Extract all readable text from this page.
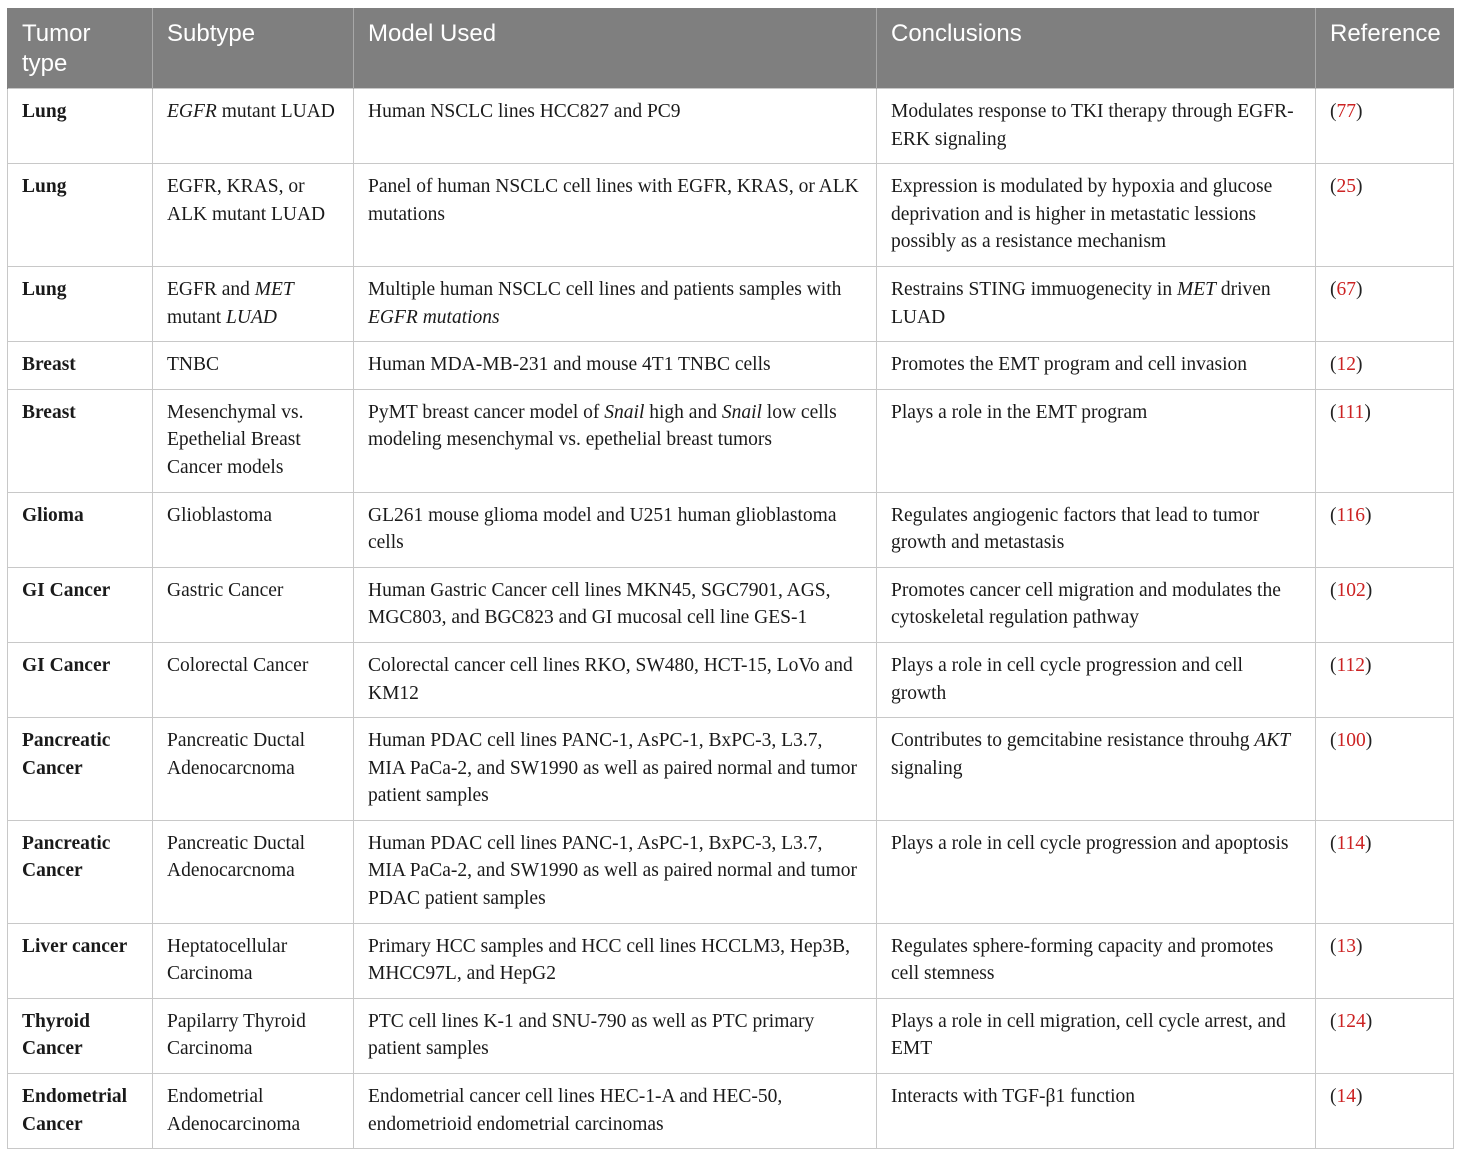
Tumor type	Subtype	Model Used	Conclusions	Reference
Lung	EGFR mutant LUAD	Human NSCLC lines HCC827 and PC9	Modulates response to TKI therapy through EGFR-ERK signaling	(77)
Lung	EGFR, KRAS, or ALK mutant LUAD	Panel of human NSCLC cell lines with EGFR, KRAS, or ALK mutations	Expression is modulated by hypoxia and glucose deprivation and is higher in metastatic lessions possibly as a resistance mechanism	(25)
Lung	EGFR and MET mutant LUAD	Multiple human NSCLC cell lines and patients samples with EGFR mutations	Restrains STING immuogenecity in MET driven LUAD	(67)
Breast	TNBC	Human MDA-MB-231 and mouse 4T1 TNBC cells	Promotes the EMT program and cell invasion	(12)
Breast	Mesenchymal vs. Epethelial Breast Cancer models	PyMT breast cancer model of Snail high and Snail low cells modeling mesenchymal vs. epethelial breast tumors	Plays a role in the EMT program	(111)
Glioma	Glioblastoma	GL261 mouse glioma model and U251 human glioblastoma cells	Regulates angiogenic factors that lead to tumor growth and metastasis	(116)
GI Cancer	Gastric Cancer	Human Gastric Cancer cell lines MKN45, SGC7901, AGS, MGC803, and BGC823 and GI mucosal cell line GES-1	Promotes cancer cell migration and modulates the cytoskeletal regulation pathway	(102)
GI Cancer	Colorectal Cancer	Colorectal cancer cell lines RKO, SW480, HCT-15, LoVo and KM12	Plays a role in cell cycle progression and cell growth	(112)
Pancreatic Cancer	Pancreatic Ductal Adenocarcnoma	Human PDAC cell lines PANC-1, AsPC-1, BxPC-3, L3.7, MIA PaCa-2, and SW1990 as well as paired normal and tumor patient samples	Contributes to gemcitabine resistance throuhg AKT signaling	(100)
Pancreatic Cancer	Pancreatic Ductal Adenocarcnoma	Human PDAC cell lines PANC-1, AsPC-1, BxPC-3, L3.7, MIA PaCa-2, and SW1990 as well as paired normal and tumor PDAC patient samples	Plays a role in cell cycle progression and apoptosis	(114)
Liver cancer	Heptatocellular Carcinoma	Primary HCC samples and HCC cell lines HCCLM3, Hep3B, MHCC97L, and HepG2	Regulates sphere-forming capacity and promotes cell stemness	(13)
Thyroid Cancer	Papilarry Thyroid Carcinoma	PTC cell lines K-1 and SNU-790 as well as PTC primary patient samples	Plays a role in cell migration, cell cycle arrest, and EMT	(124)
Endometrial Cancer	Endometrial Adenocarcinoma	Endometrial cancer cell lines HEC-1-A and HEC-50, endometrioid endometrial carcinomas	Interacts with TGF-β1 function	(14)
